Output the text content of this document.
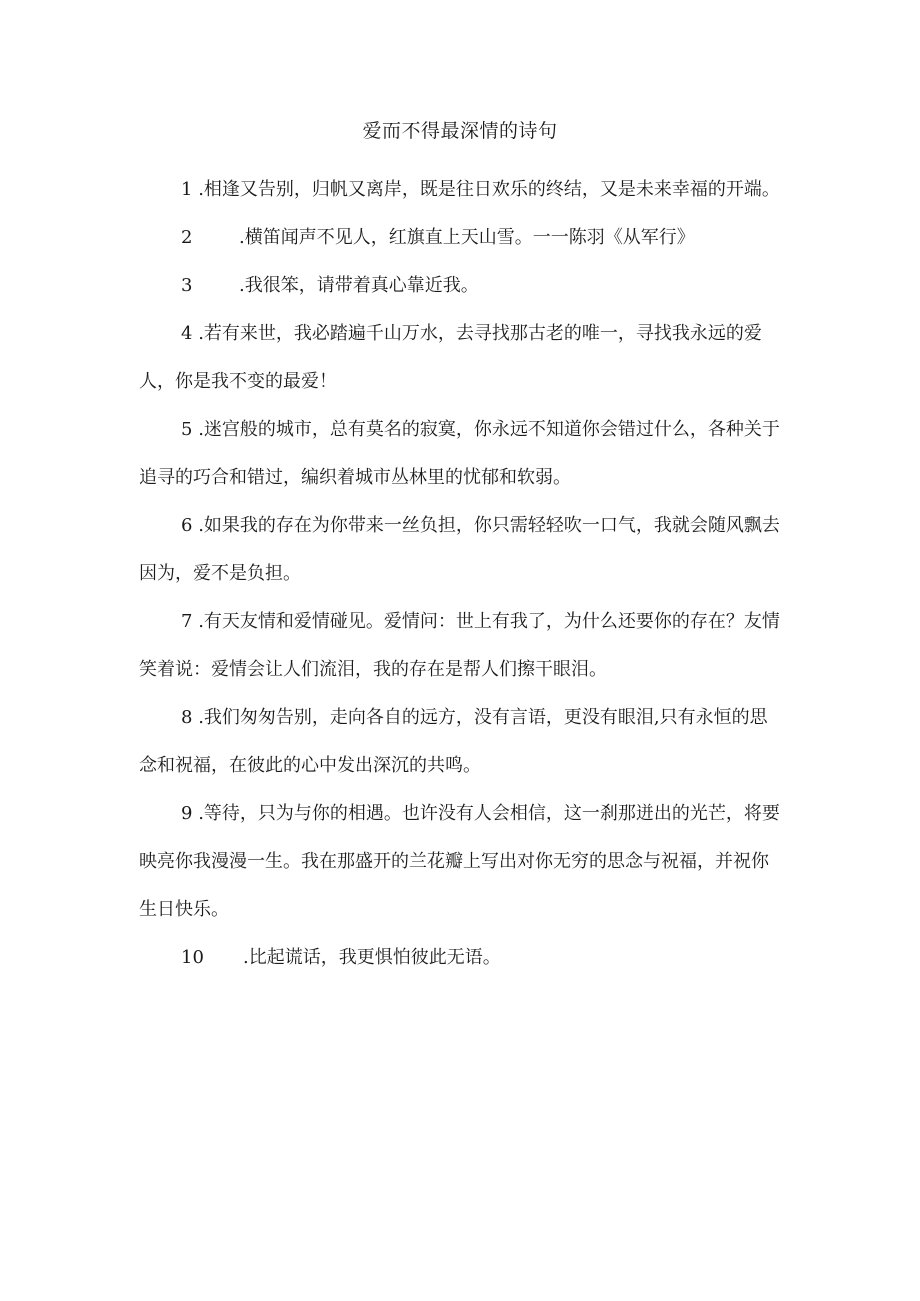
爱而不得最深情的诗句

1 .相逢又告别，归帆又离岸，既是往日欢乐的终结，又是未来幸福的开端。

2	.横笛闻声不见人，红旗直上天山雪。一一陈羽《从军行》

3	.我很笨，请带着真心靠近我。

4 .若有来世，我必踏遍千山万水，去寻找那古老的唯一，寻找我永远的爱人，你是我不变的最爱！

5 .迷宫般的城市，总有莫名的寂寞，你永远不知道你会错过什么，各种关于追寻的巧合和错过，编织着城市丛林里的忧郁和软弱。

6 .如果我的存在为你带来一丝负担，你只需轻轻吹一口气，我就会随风飘去因为，爱不是负担。

7 .有天友情和爱情碰见。爱情问：世上有我了，为什么还要你的存在？友情笑着说：爱情会让人们流泪，我的存在是帮人们擦干眼泪。

8 .我们匆匆告别，走向各自的远方，没有言语，更没有眼泪,只有永恒的思念和祝福，在彼此的心中发出深沉的共鸣。

9 .等待，只为与你的相遇。也许没有人会相信，这一刹那迸出的光芒，将要映亮你我漫漫一生。我在那盛开的兰花瓣上写出对你无穷的思念与祝福，并祝你生日快乐。

10 .比起谎话，我更惧怕彼此无语。
